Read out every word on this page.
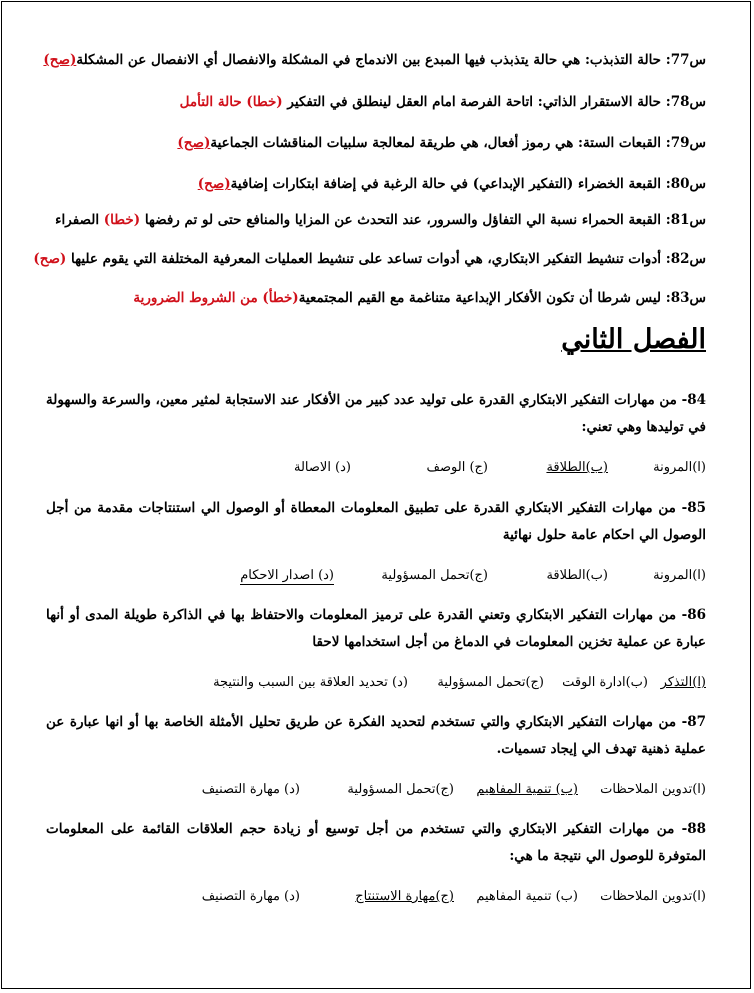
س77: حالة التذبذب: هي حالة يتذبذب فيها المبدع بين الاندماج في المشكلة والانفصال أي الانفصال عن المشكلة(صح)
س78: حالة الاستقرار الذاتي: اتاحة الفرصة امام العقل لينطلق في التفكير (خطا) حالة التأمل
س79: القبعات الستة: هي رموز أفعال، هي طريقة لمعالجة سلبيات المناقشات الجماعية(صح)
س80: القبعة الخضراء (التفكير الإبداعي) في حالة الرغبة في إضافة ابتكارات إضافية(صح)
س81: القبعة الحمراء نسبة الي التفاؤل والسرور، عند التحدث عن المزايا والمنافع حتى لو تم رفضها (خطا) الصفراء
س82: أدوات تنشيط التفكير الابتكاري، هي أدوات تساعد على تنشيط العمليات المعرفية المختلفة التي يقوم عليها (صح)
س83: ليس شرطا أن تكون الأفكار الإبداعية متناغمة مع القيم المجتمعية(خطأ) من الشروط الضرورية
الفصل الثاني
84- من مهارات التفكير الابتكاري القدرة على توليد عدد كبير من الأفكار عند الاستجابة لمثير معين، والسرعة والسهولة في توليدها وهي تعني:
(ا)المرونة
(ب)الطلاقة
(ج) الوصف
(د) الاصالة
85- من مهارات التفكير الابتكاري القدرة على تطبيق المعلومات المعطاة أو الوصول الي استنتاجات مقدمة من أجل الوصول الي احكام عامة حلول نهائية
(ا)المرونة
(ب)الطلاقة
(ج)تحمل المسؤولية
(د) اصدار الاحكام
86- من مهارات التفكير الابتكاري وتعني القدرة على ترميز المعلومات والاحتفاظ بها في الذاكرة طويلة المدى أو أنها عبارة عن عملية تخزين المعلومات في الدماغ من أجل استخدامها لاحقا
(ا)التذكر
(ب)ادارة الوقت
(ج)تحمل المسؤولية
(د) تحديد العلاقة بين السبب والنتيجة
87- من مهارات التفكير الابتكاري والتي تستخدم لتحديد الفكرة عن طريق تحليل الأمثلة الخاصة بها أو انها عبارة عن عملية ذهنية تهدف الي إيجاد تسميات.
(ا)تدوين الملاحظات
(ب) تنمية المفاهيم
(ج)تحمل المسؤولية
(د) مهارة التصنيف
88- من مهارات التفكير الابتكاري والتي تستخدم من أجل توسيع أو زيادة حجم العلاقات القائمة على المعلومات المتوفرة للوصول الي نتيجة ما هي:
(ا)تدوين الملاحظات
(ب) تنمية المفاهيم
(ج)مهارة الاستنتاج
(د) مهارة التصنيف
